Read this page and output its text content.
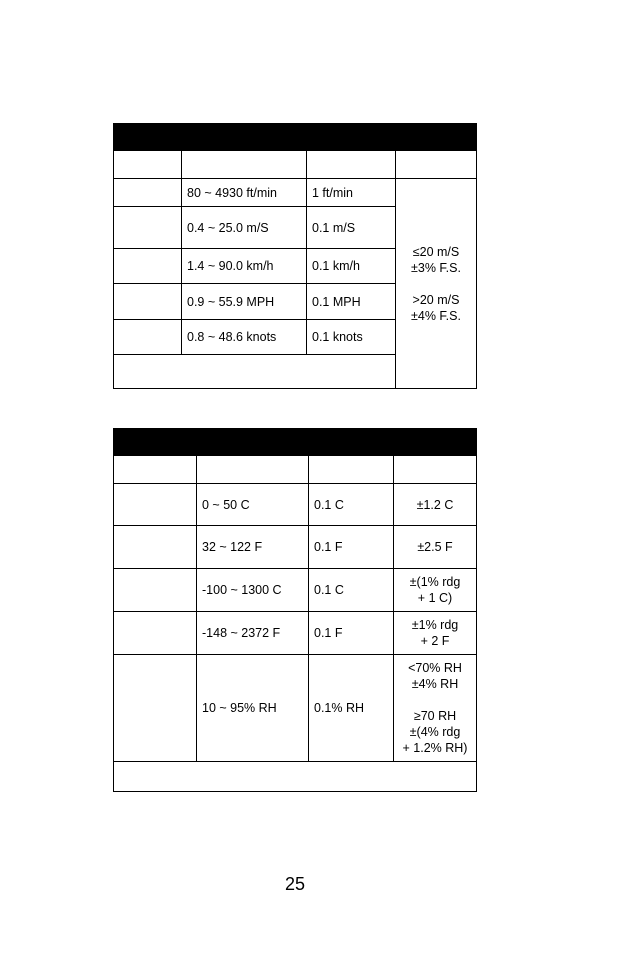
	80 ~ 4930 ft/min	1 ft/min	≤20 m/S
±3% F.S.

>20 m/S
±4% F.S.
	0.4 ~ 25.0 m/S	0.1 m/S	
	1.4 ~ 90.0 km/h	0.1 km/h	
	0.9 ~ 55.9 MPH	0.1 MPH	
	0.8 ~ 48.6 knots	0.1 knots	

	0 ~ 50 C	0.1 C	±1.2 C
	32 ~ 122 F	0.1 F	±2.5 F
	-100 ~ 1300 C	0.1 C	±(1% rdg
+ 1 C)
	-148 ~ 2372 F	0.1 F	±1% rdg
+ 2 F
	10 ~ 95% RH	0.1% RH	<70% RH
±4% RH

≥70 RH
±(4% rdg
+ 1.2% RH)

25
